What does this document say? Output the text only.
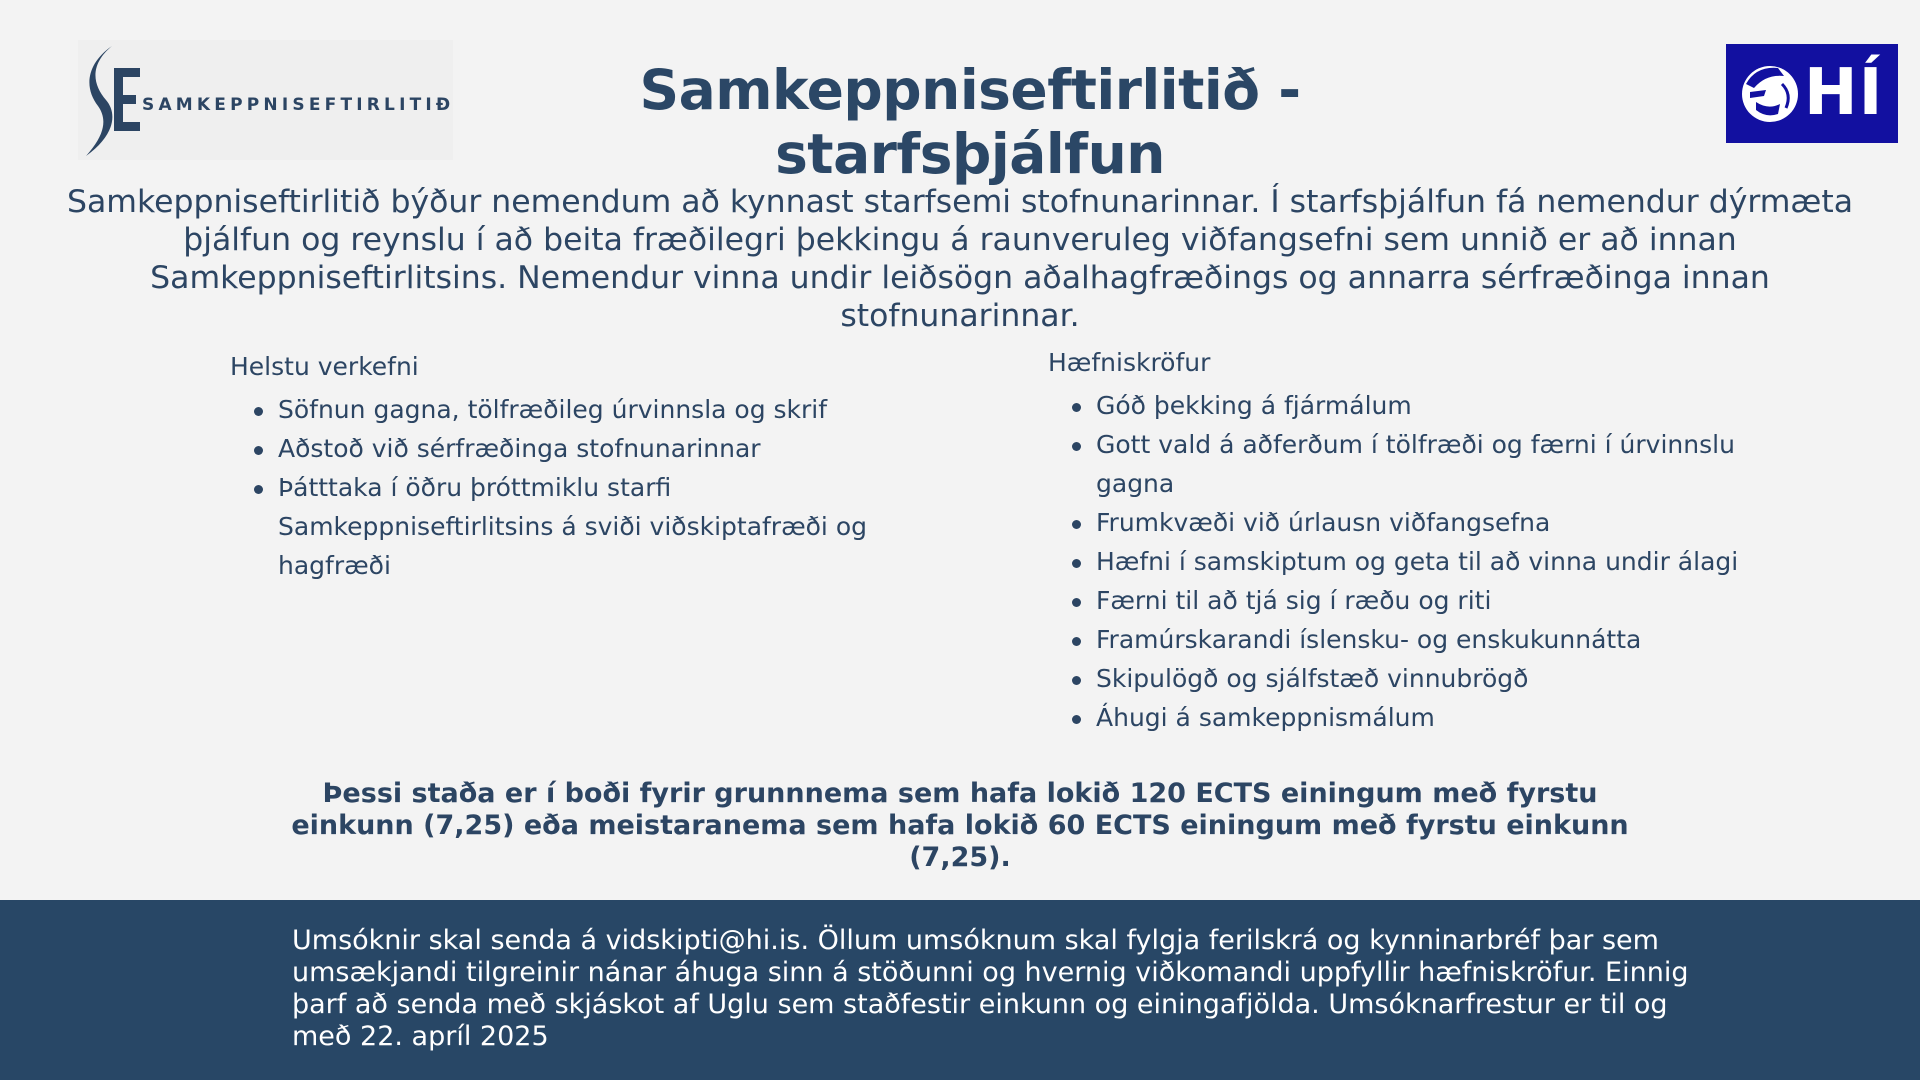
SAMKEPPNISEFTIRLITIÐ	Samkeppniseftirlitið - starfsþjálfun
HÍ

Samkeppniseftirlitið býður nemendum að kynnast starfsemi stofnunarinnar. Í starfsþjálfun fá nemendur dýrmæta þjálfun og reynslu í að beita fræðilegri þekkingu á raunveruleg viðfangsefni sem unnið er að innan Samkeppniseftirlitsins. Nemendur vinna undir leiðsögn aðalhagfræðings og annarra sérfræðinga innan stofnunarinnar.

Helstu verkefni
Söfnun gagna, tölfræðileg úrvinnsla og skrif
Aðstoð við sérfræðinga stofnunarinnar
Þátttaka í öðru þróttmiklu starfi Samkeppniseftirlitsins á sviði viðskiptafræði og hagfræði
Hæfniskröfur
Góð þekking á fjármálum
Gott vald á aðferðum í tölfræði og færni í úrvinnslu gagna
Frumkvæði við úrlausn viðfangsefna
Hæfni í samskiptum og geta til að vinna undir álagi
Færni til að tjá sig í ræðu og riti
Framúrskarandi íslensku- og enskukunnátta
Skipulögð og sjálfstæð vinnubrögð
Áhugi á samkeppnismálum

Þessi staða er í boði fyrir grunnnema sem hafa lokið 120 ECTS einingum með fyrstu einkunn (7,25) eða meistaranema sem hafa lokið 60 ECTS einingum með fyrstu einkunn (7,25).

Umsóknir skal senda á vidskipti@hi.is. Öllum umsóknum skal fylgja ferilskrá og kynninarbréf þar sem umsækjandi tilgreinir nánar áhuga sinn á stöðunni og hvernig viðkomandi uppfyllir hæfniskröfur. Einnig þarf að senda með skjáskot af Uglu sem staðfestir einkunn og einingafjölda. Umsóknarfrestur er til og með 22. apríl 2025
